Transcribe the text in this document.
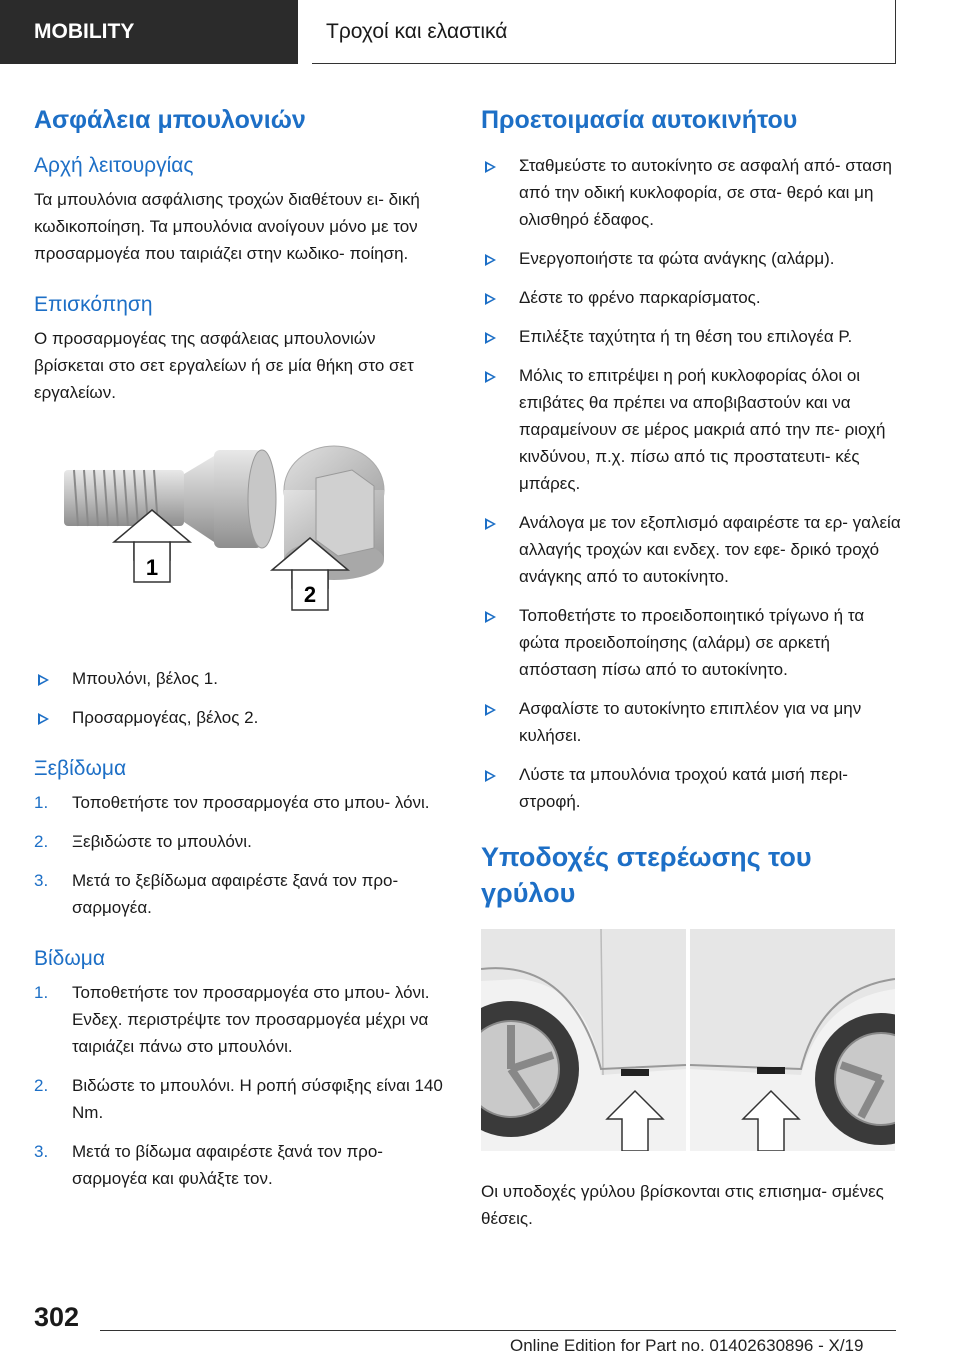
MOBILITY	Τροχοί και ελαστικά
Ασφάλεια μπουλονιών
Αρχή λειτουργίας

Τα μπουλόνια ασφάλισης τροχών διαθέτουν ει- δική κωδικοποίηση. Τα μπουλόνια ανοίγουν μόνο με τον προσαρμογέα που ταιριάζει στην κωδικο- ποίηση.

Επισκόπηση

Ο προσαρμογέας της ασφάλειας μπουλονιών βρίσκεται στο σετ εργαλείων ή σε μία θήκη στο σετ εργαλείων.

1
2
Μπουλόνι, βέλος 1.
Προσαρμογέας, βέλος 2.
Ξεβίδωμα
1. Τοποθετήστε τον προσαρμογέα στο μπου- λόνι.
2. Ξεβιδώστε το μπουλόνι.
3. Μετά το ξεβίδωμα αφαιρέστε ξανά τον προ- σαρμογέα.
Βίδωμα
1. Τοποθετήστε τον προσαρμογέα στο μπου- λόνι. Ενδεχ. περιστρέψτε τον προσαρμογέα μέχρι να ταιριάζει πάνω στο μπουλόνι.
2. Βιδώστε το μπουλόνι. Η ροπή σύσφιξης είναι 140 Nm.
3. Μετά το βίδωμα αφαιρέστε ξανά τον προ- σαρμογέα και φυλάξτε τον.
Προετοιμασία αυτοκινήτου
Σταθμεύστε το αυτοκίνητο σε ασφαλή από- σταση από την οδική κυκλοφορία, σε στα- θερό και μη ολισθηρό έδαφος.
Ενεργοποιήστε τα φώτα ανάγκης (αλάρμ).
Δέστε το φρένο παρκαρίσματος.
Επιλέξτε ταχύτητα ή τη θέση του επιλογέα P.
Μόλις το επιτρέψει η ροή κυκλοφορίας όλοι οι επιβάτες θα πρέπει να αποβιβαστούν και να παραμείνουν σε μέρος μακριά από την πε- ριοχή κινδύνου, π.χ. πίσω από τις προστατευτι- κές μπάρες.
Ανάλογα με τον εξοπλισμό αφαιρέστε τα ερ- γαλεία αλλαγής τροχών και ενδεχ. τον εφε- δρικό τροχό ανάγκης από το αυτοκίνητο.
Τοποθετήστε το προειδοποιητικό τρίγωνο ή τα φώτα προειδοποίησης (αλάρμ) σε αρκετή απόσταση πίσω από το αυτοκίνητο.
Ασφαλίστε το αυτοκίνητο επιπλέον για να μην κυλήσει.
Λύστε τα μπουλόνια τροχού κατά μισή περι- στροφή.
Υποδοχές στερέωσης του γρύλου

Οι υποδοχές γρύλου βρίσκονται στις επισημα- σμένες θέσεις.

302
Online Edition for Part no. 01402630896 - X/19
